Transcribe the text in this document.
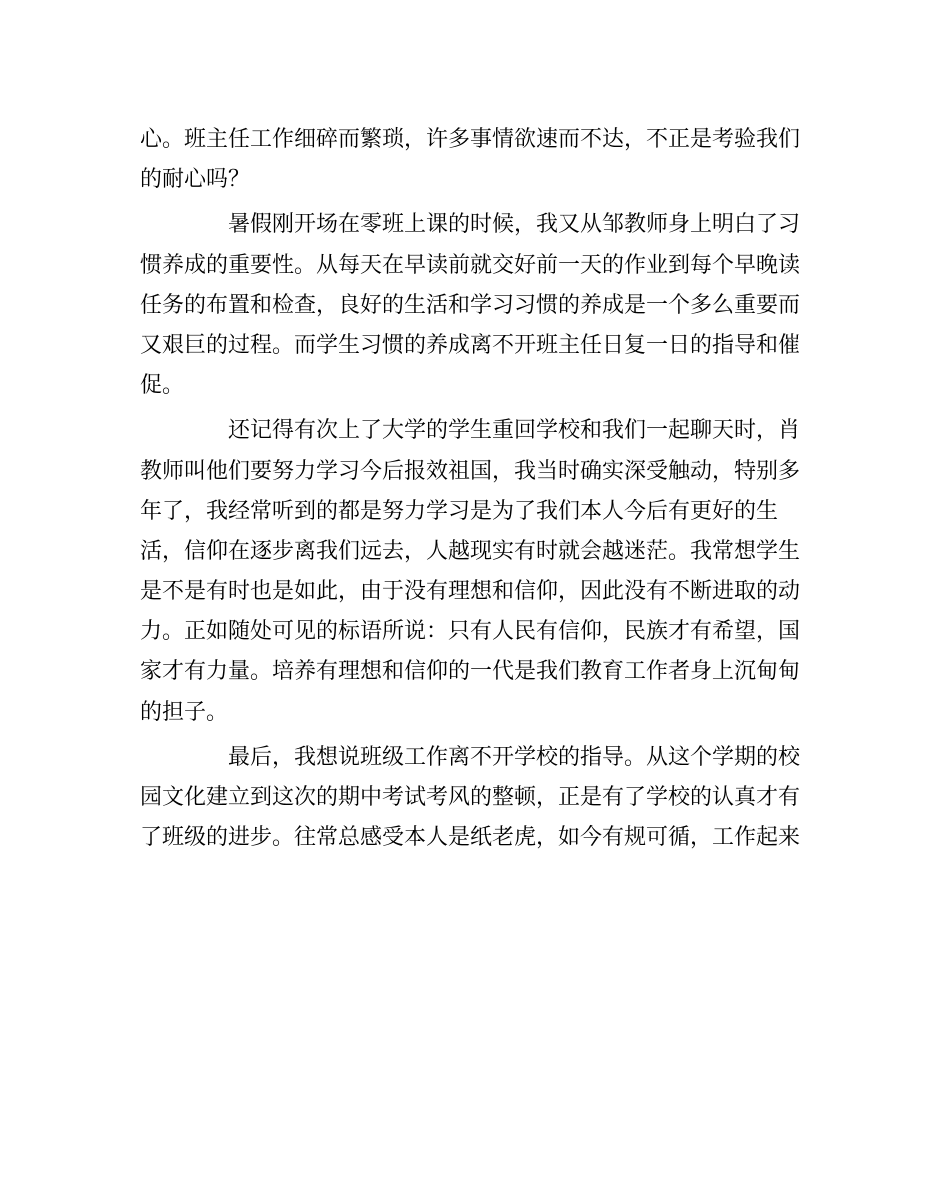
心。班主任工作细碎而繁琐，许多事情欲速而不达，不正是考验我们
的耐心吗？
暑假刚开场在零班上课的时候，我又从邹教师身上明白了习
惯养成的重要性。从每天在早读前就交好前一天的作业到每个早晚读
任务的布置和检查，良好的生活和学习习惯的养成是一个多么重要而
又艰巨的过程。而学生习惯的养成离不开班主任日复一日的指导和催
促。
还记得有次上了大学的学生重回学校和我们一起聊天时，肖
教师叫他们要努力学习今后报效祖国，我当时确实深受触动，特别多
年了，我经常听到的都是努力学习是为了我们本人今后有更好的生
活，信仰在逐步离我们远去，人越现实有时就会越迷茫。我常想学生
是不是有时也是如此，由于没有理想和信仰，因此没有不断进取的动
力。正如随处可见的标语所说：只有人民有信仰，民族才有希望，国
家才有力量。培养有理想和信仰的一代是我们教育工作者身上沉甸甸
的担子。
最后，我想说班级工作离不开学校的指导。从这个学期的校
园文化建立到这次的期中考试考风的整顿，正是有了学校的认真才有
了班级的进步。往常总感受本人是纸老虎，如今有规可循，工作起来
